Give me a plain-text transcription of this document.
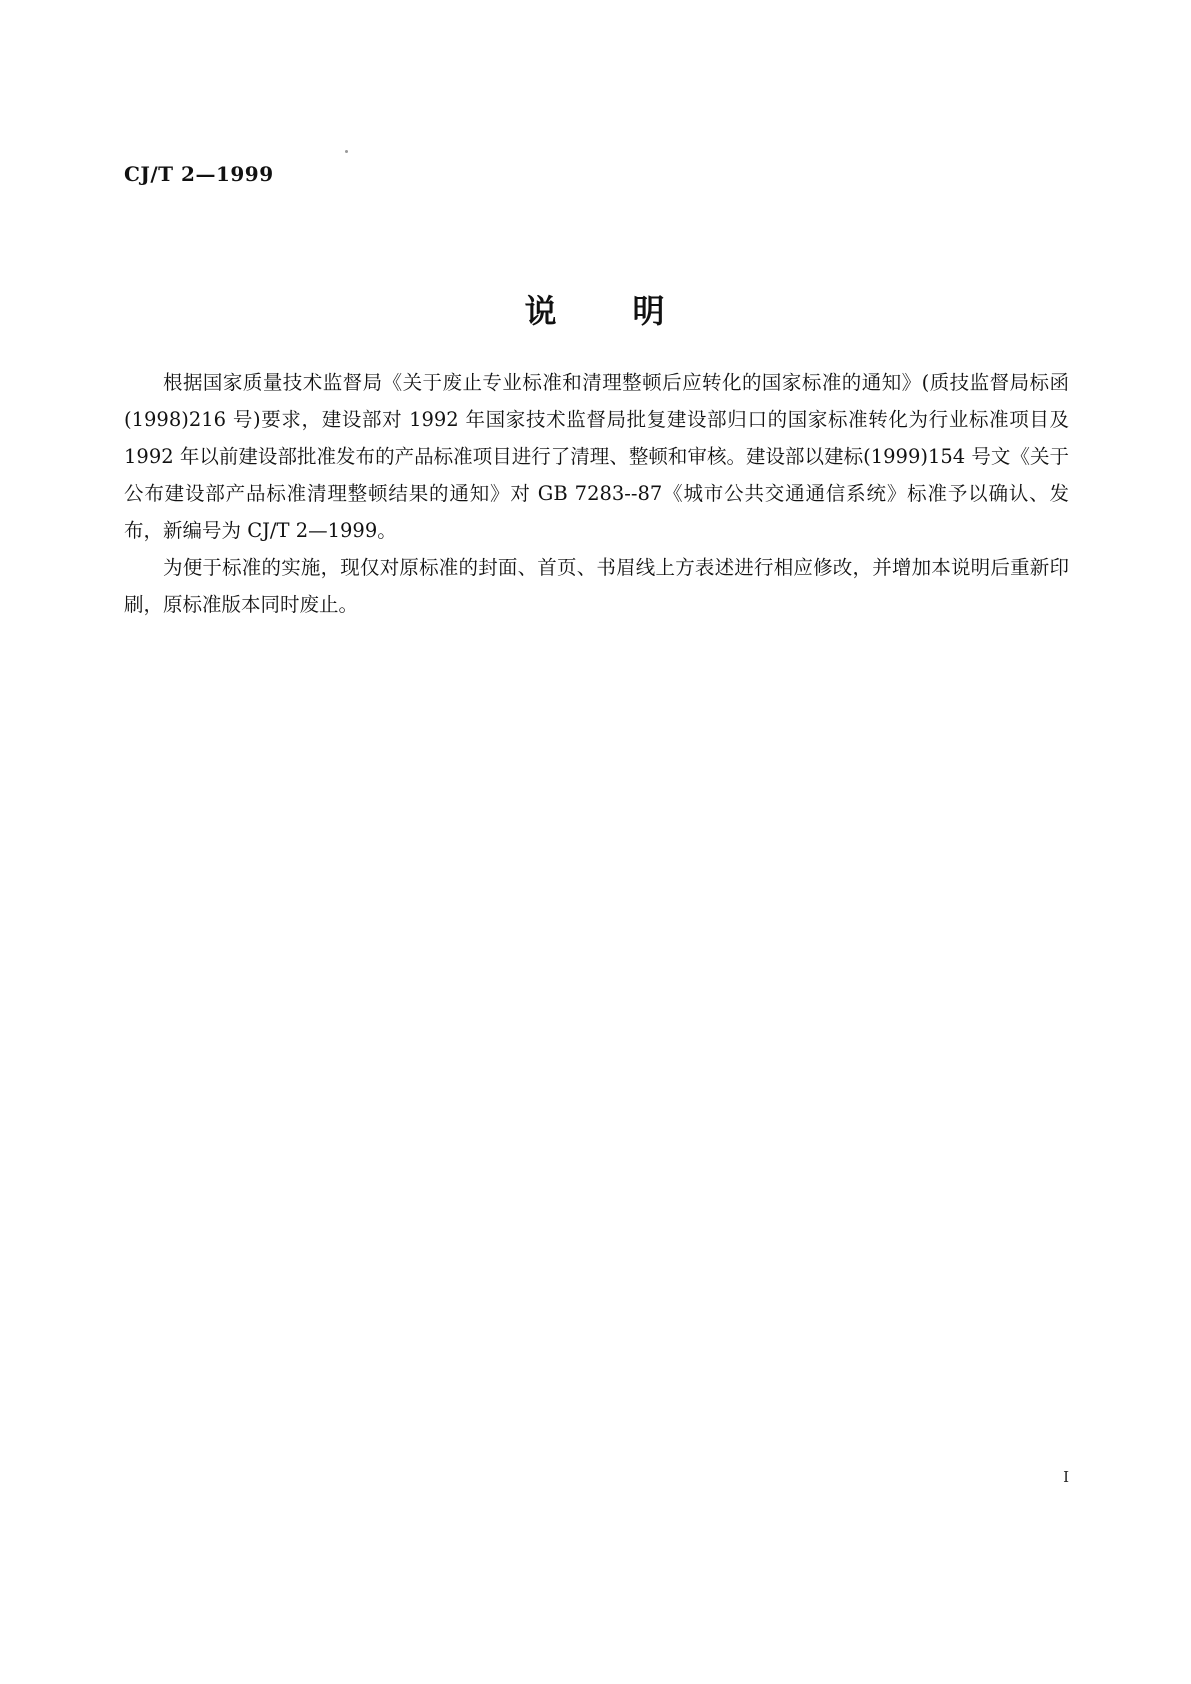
CJ/T 2—1999
说 明

根据国家质量技术监督局《关于废止专业标准和清理整顿后应转化的国家标准的通知》(质技监督局标函(1998)216 号)要求，建设部对 1992 年国家技术监督局批复建设部归口的国家标准转化为行业标准项目及 1992 年以前建设部批准发布的产品标准项目进行了清理、整顿和审核。建设部以建标(1999)154 号文《关于公布建设部产品标准清理整顿结果的通知》对 GB 7283--87《城市公共交通通信系统》标准予以确认、发布，新编号为 CJ/T 2—1999。

为便于标准的实施，现仅对原标准的封面、首页、书眉线上方表述进行相应修改，并增加本说明后重新印刷，原标准版本同时废止。

I
